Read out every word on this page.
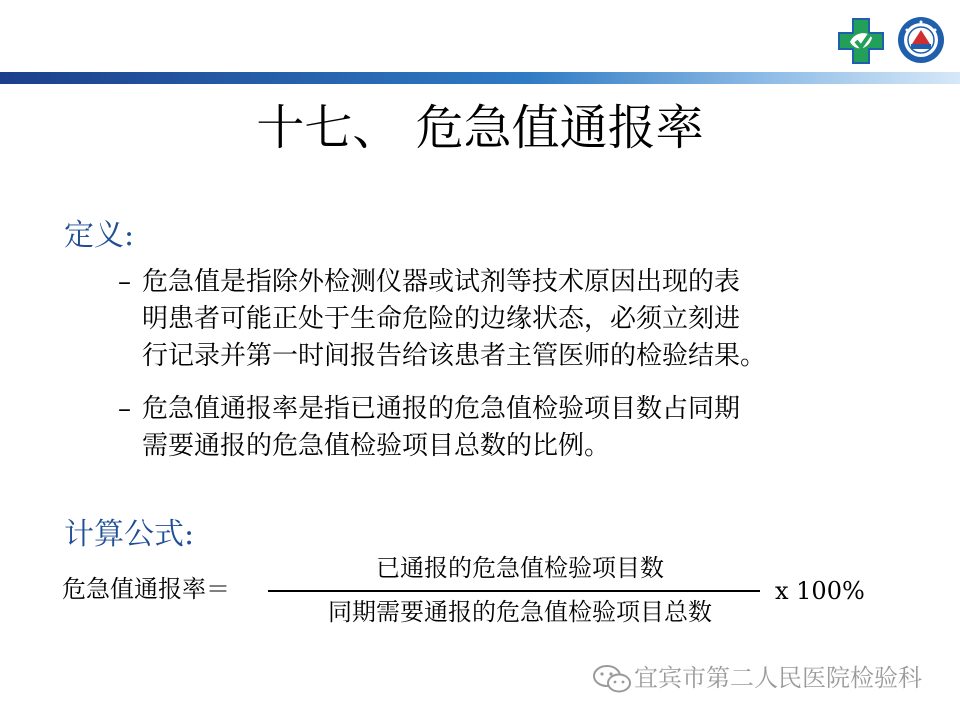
十七、 危急值通报率
定义:
– 危急值是指除外检测仪器或试剂等技术原因出现的表
明患者可能正处于生命危险的边缘状态，必须立刻进
行记录并第一时间报告给该患者主管医师的检验结果。
– 危急值通报率是指已通报的危急值检验项目数占同期
需要通报的危急值检验项目总数的比例。
计算公式:
危急值通报率＝
已通报的危急值检验项目数
同期需要通报的危急值检验项目总数
x 100%
宜宾市第二人民医院检验科
